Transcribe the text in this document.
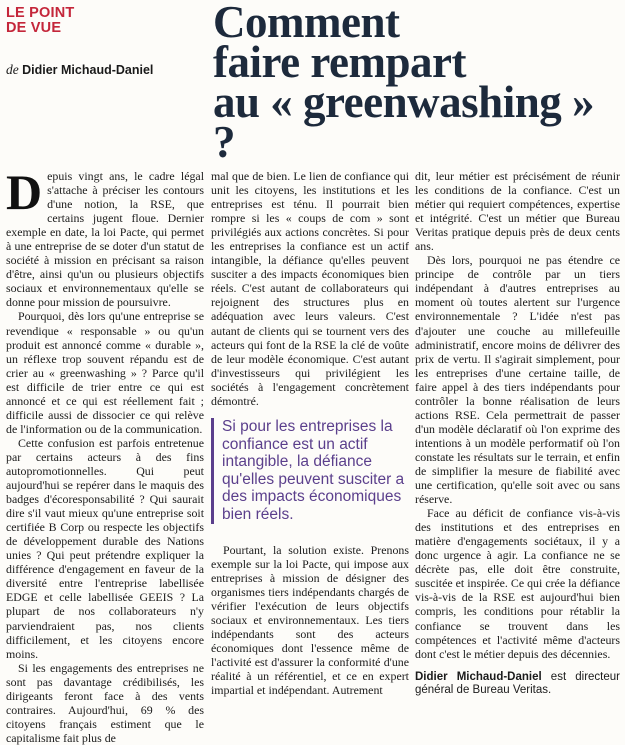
LE POINT
DE VUE
de Didier Michaud-Daniel
Comment
faire rempart
au « greenwashing » ?

Depuis vingt ans, le cadre légal s'attache à préciser les contours d'une notion, la RSE, que certains jugent floue. Dernier exemple en date, la loi Pacte, qui permet à une entreprise de se doter d'un statut de société à mission en précisant sa raison d'être, ainsi qu'un ou plusieurs objectifs sociaux et environnementaux qu'elle se donne pour mission de poursuivre.

Pourquoi, dès lors qu'une entreprise se revendique « responsable » ou qu'un produit est annoncé comme « durable », un réflexe trop souvent répandu est de crier au « greenwashing » ? Parce qu'il est difficile de trier entre ce qui est annoncé et ce qui est réellement fait ; difficile aussi de dissocier ce qui relève de l'information ou de la communication.

Cette confusion est parfois entretenue par certains acteurs à des fins autopromotionnelles. Qui peut aujourd'hui se repérer dans le maquis des badges d'écoresponsabilité ? Qui saurait dire s'il vaut mieux qu'une entreprise soit certifiée B Corp ou respecte les objectifs de développement durable des Nations unies ? Qui peut prétendre expliquer la différence d'engagement en faveur de la diversité entre l'entreprise labellisée EDGE et celle labellisée GEEIS ? La plupart de nos collaborateurs n'y parviendraient pas, nos clients difficilement, et les citoyens encore moins.

Si les engagements des entreprises ne sont pas davantage crédibilisés, les dirigeants feront face à des vents contraires. Aujourd'hui, 69 % des citoyens français estiment que le capitalisme fait plus de

mal que de bien. Le lien de confiance qui unit les citoyens, les institutions et les entreprises est ténu. Il pourrait bien rompre si les « coups de com » sont privilégiés aux actions concrètes. Si pour les entreprises la confiance est un actif intangible, la défiance qu'elles peuvent susciter a des impacts économiques bien réels. C'est autant de collaborateurs qui rejoignent des structures plus en adéquation avec leurs valeurs. C'est autant de clients qui se tournent vers des acteurs qui font de la RSE la clé de voûte de leur modèle économique. C'est autant d'investisseurs qui privilégient les sociétés à l'engagement concrètement démontré.

Si pour les entreprises la confiance est un actif intangible, la défiance qu'elles peuvent susciter a des impacts économiques bien réels.

Pourtant, la solution existe. Prenons exemple sur la loi Pacte, qui impose aux entreprises à mission de désigner des organismes tiers indépendants chargés de vérifier l'exécution de leurs objectifs sociaux et environnementaux. Les tiers indépendants sont des acteurs économiques dont l'essence même de l'activité est d'assurer la conformité d'une réalité à un référentiel, et ce en expert impartial et indépendant. Autrement

dit, leur métier est précisément de réunir les conditions de la confiance. C'est un métier qui requiert compétences, expertise et intégrité. C'est un métier que Bureau Veritas pratique depuis près de deux cents ans.

Dès lors, pourquoi ne pas étendre ce principe de contrôle par un tiers indépendant à d'autres entreprises au moment où toutes alertent sur l'urgence environnementale ? L'idée n'est pas d'ajouter une couche au millefeuille administratif, encore moins de délivrer des prix de vertu. Il s'agirait simplement, pour les entreprises d'une certaine taille, de faire appel à des tiers indépendants pour contrôler la bonne réalisation de leurs actions RSE. Cela permettrait de passer d'un modèle déclaratif où l'on exprime des intentions à un modèle performatif où l'on constate les résultats sur le terrain, et enfin de simplifier la mesure de fiabilité avec une certification, qu'elle soit avec ou sans réserve.

Face au déficit de confiance vis-à-vis des institutions et des entreprises en matière d'engagements sociétaux, il y a donc urgence à agir. La confiance ne se décrète pas, elle doit être construite, suscitée et inspirée. Ce qui crée la défiance vis-à-vis de la RSE est aujourd'hui bien compris, les conditions pour rétablir la confiance se trouvent dans les compétences et l'activité même d'acteurs dont c'est le métier depuis des décennies.

Didier Michaud-Daniel est directeur général de Bureau Veritas.
